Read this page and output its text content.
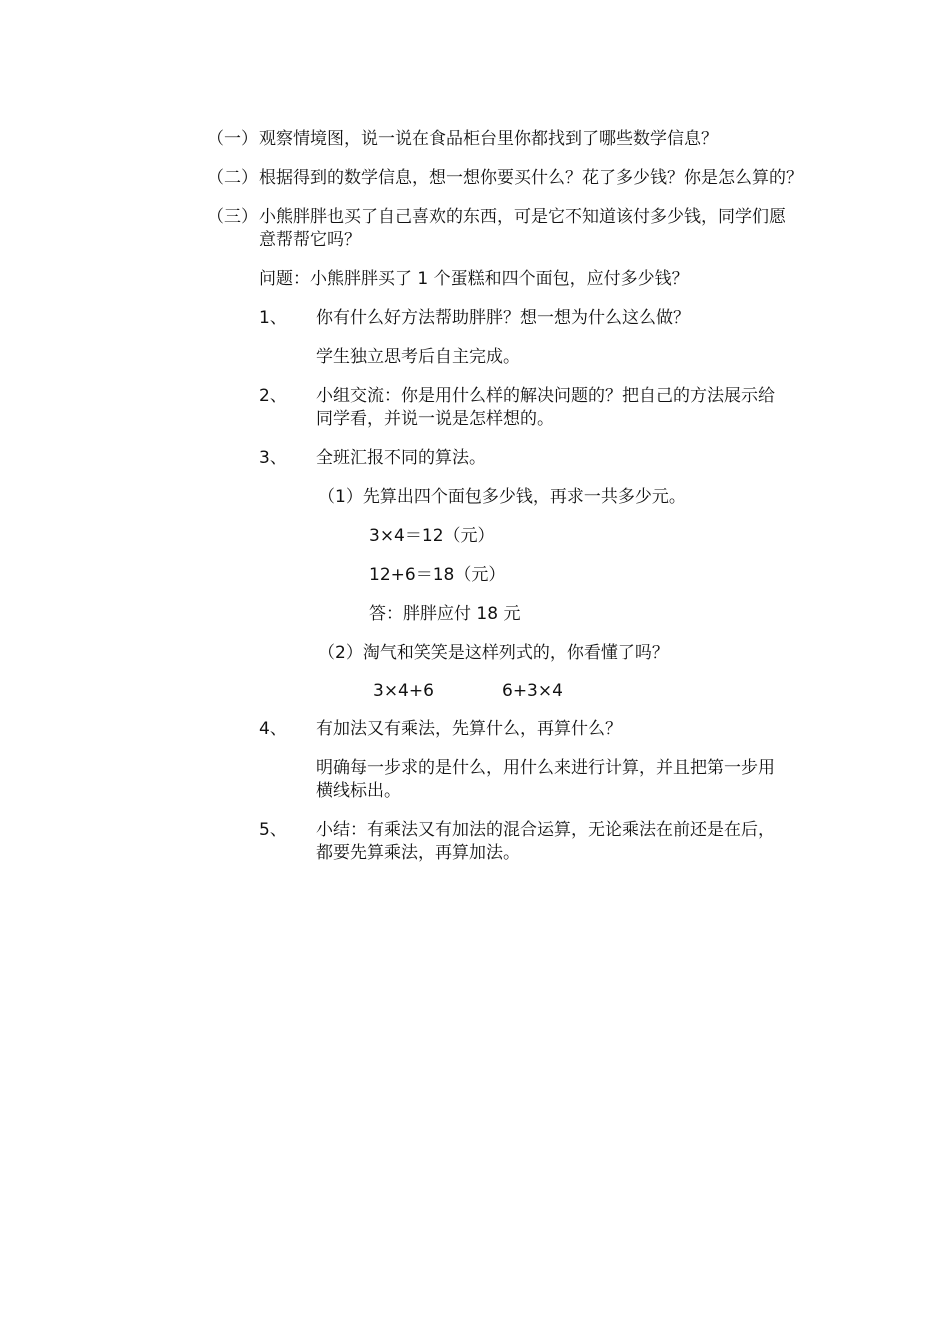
（一） 观察情境图，说一说在食品柜台里你都找到了哪些数学信息？
（二） 根据得到的数学信息，想一想你要买什么？花了多少钱？你是怎么算的？
（三） 小熊胖胖也买了自己喜欢的东西，可是它不知道该付多少钱，同学们愿
意帮帮它吗？
问题：小熊胖胖买了 1 个蛋糕和四个面包，应付多少钱？
1、 你有什么好方法帮助胖胖？想一想为什么这么做？
学生独立思考后自主完成。
2、 小组交流：你是用什么样的解决问题的？把自己的方法展示给
同学看，并说一说是怎样想的。
3、 全班汇报不同的算法。
（1）先算出四个面包多少钱，再求一共多少元。
3×4＝12（元）
12+6＝18（元）
答：胖胖应付 18 元
（2）淘气和笑笑是这样列式的，你看懂了吗？
3×4+6	6+3×4
4、 有加法又有乘法，先算什么，再算什么？
明确每一步求的是什么，用什么来进行计算，并且把第一步用
横线标出。
5、 小结：有乘法又有加法的混合运算，无论乘法在前还是在后，
都要先算乘法，再算加法。
